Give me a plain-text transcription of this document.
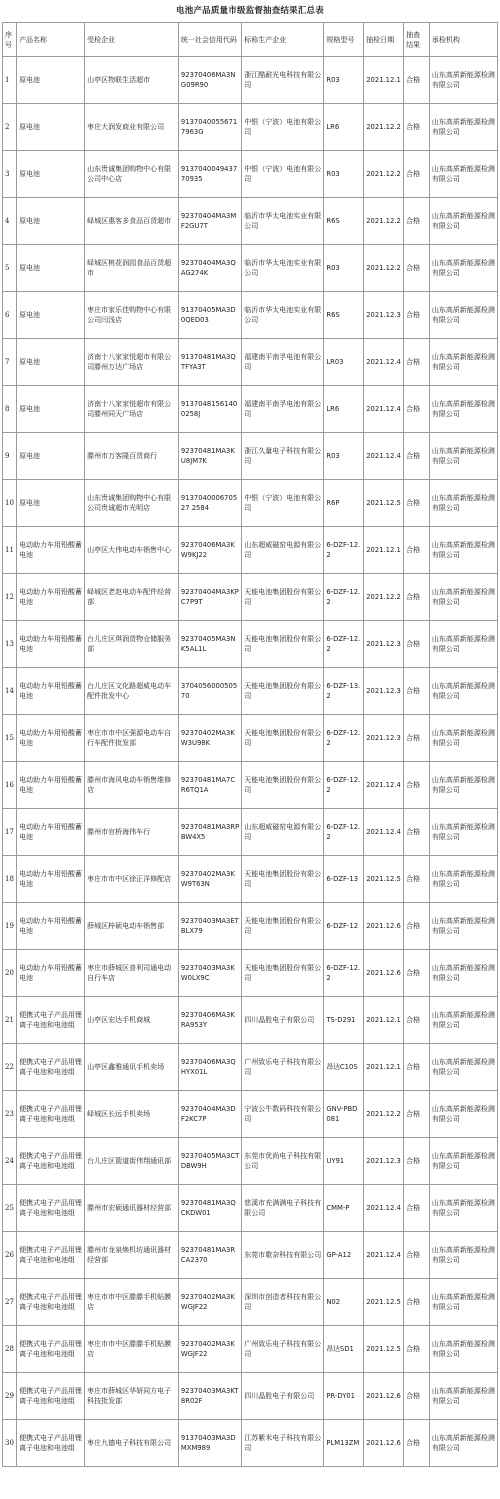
电池产品质量市级监督抽查结果汇总表
序号	产品名称	受检企业	统一社会信用代码	标称生产企业	规格型号	抽检日期	抽查结果	承检机构
1	原电池	山亭区物联生活超市	92370406MA3NG09R90	浙江酷耐光电科技有限公司	R03	2021.12.1	合格	山东高质新能源检测有限公司
2	原电池	枣庄大润发商业有限公司	91370400556717963G	中银（宁波）电池有限公司	LR6	2021.12.2	合格	山东高质新能源检测有限公司
3	原电池	山东贵诚集团购物中心有限公司中心店	913704004943770935	中银（宁波）电池有限公司	R03	2021.12.2	合格	山东高质新能源检测有限公司
4	原电池	峄城区惠客多食品百货超市	92370404MA3MF2GU7T	临沂市华太电池实业有限公司	R6S	2021.12.2	合格	山东高质新能源检测有限公司
5	原电池	峄城区桃花润园食品百货超市	92370404MA3QAG274K	临沂市华太电池实业有限公司	R03	2021.12.2	合格	山东高质新能源检测有限公司
6	原电池	枣庄市家乐佳购物中心有限公司闫浅店	91370405MA3D0QED03	临沂市华太电池实业有限公司	R6S	2021.12.3	合格	山东高质新能源检测有限公司
7	原电池	济南十八家家悦超市有限公司滕州万达广场店	91370481MA3QTFYA3T	福建南平南孚电池有限公司	LR03	2021.12.4	合格	山东高质新能源检测有限公司
8	原电池	济南十八家家悦超市有限公司滕州同天广场店	91370481561400258J	福建南平南孚电池有限公司	LR6	2021.12.4	合格	山东高质新能源检测有限公司
9	原电池	滕州市万客隆百货商行	92370481MA3KU8JM7K	浙江久量电子科技有限公司	R03	2021.12.4	合格	山东高质新能源检测有限公司
10	原电池	山东贵诚集团购物中心有限公司贵诚超市光明店	913704000670527 2584	中银（宁波）电池有限公司	R6P	2021.12.5	合格	山东高质新能源检测有限公司
11	电动助力车用铅酸蓄电池	山亭区大伟电动车销售中心	92370406MA3KW9KJ22	山东超威磁窑电源有限公司	6-DZF-12.2	2021.12.1	合格	山东高质新能源检测有限公司
12	电动助力车用铅酸蓄电池	峄城区老赵电动车配件经营部	92370404MA3KPC7P9T	天能电池集团股份有限公司	6-DZF-12.2	2021.12.2	合格	山东高质新能源检测有限公司
13	电动助力车用铅酸蓄电池	台儿庄区琪润货物仓储服务部	92370405MA3NK5AL1L	天能电池集团股份有限公司	6-DZF-12.2	2021.12.3	合格	山东高质新能源检测有限公司
14	电动助力车用铅酸蓄电池	台儿庄区文化路超威电动车配件批发中心	370405600050570	天能电池集团股份有限公司	6-DZF-13.2	2021.12.3	合格	山东高质新能源检测有限公司
15	电动助力车用铅酸蓄电池	枣庄市市中区强源电动车自行车配件批发部	92370402MA3KW3U98K	天能电池集团股份有限公司	6-DZF-12.2	2021.12.3	合格	山东高质新能源检测有限公司
16	电动助力车用铅酸蓄电池	滕州市海风电动车销售维修店	92370481MA7CR6TQ1A	天能电池集团股份有限公司	6-DZF-12.2	2021.12.4	合格	山东高质新能源检测有限公司
17	电动助力车用铅酸蓄电池	滕州市官桥海伟车行	92370481MA3RPBW4X5	山东超威磁窑电源有限公司	6-DZF-12.2	2021.12.4	合格	山东高质新能源检测有限公司
18	电动助力车用铅酸蓄电池	枣庄市市中区徐正洋修配店	92370402MA3KW9T63N	天能电池集团股份有限公司	6-DZF-13	2021.12.5	合格	山东高质新能源检测有限公司
19	电动助力车用铅酸蓄电池	薛城区梓硕电动车销售部	92370403MA3ETBLX79	天能电池集团股份有限公司	6-DZF-12	2021.12.6	合格	山东高质新能源检测有限公司
20	电动助力车用铅酸蓄电池	枣庄市薛城区普利司通电动自行车店	92370403MA3KW0LX9C	天能电池集团股份有限公司	6-DZF-12.2	2021.12.6	合格	山东高质新能源检测有限公司
21	便携式电子产品用锂离子电池和电池组	山亭区宏达手机商城	92370406MA3KRA953Y	四川晶胜电子有限公司	TS-D291	2021.12.1	合格	山东高质新能源检测有限公司
22	便携式电子产品用锂离子电池和电池组	山亭区鑫雅通讯手机卖场	92370406MA3QHYX01L	广州致乐电子科技有限公司	昂达C10S	2021.12.1	合格	山东高质新能源检测有限公司
23	便携式电子产品用锂离子电池和电池组	峄城区长远手机卖场	92370404MA3DF2KC7P	宁波公牛数码科技有限公司	GNV-PBD081	2021.12.2	合格	山东高质新能源检测有限公司
24	便携式电子产品用锂离子电池和电池组	台儿庄区箭道街伟翔通讯部	92370405MA3CTDBW9H	东莞市优尚电子科技有限公司	UY91	2021.12.3	合格	山东高质新能源检测有限公司
25	便携式电子产品用锂离子电池和电池组	滕州市宏硕通讯器材经营部	92370481MA3QCKDW01	慈溪市充满满电子科技有限公司	CMM-P	2021.12.4	合格	山东高质新能源检测有限公司
26	便携式电子产品用锂离子电池和电池组	滕州市龙泉焕机坊通讯器材经营部	92370481MA3RCA2370	东莞市歌奈科技有限公司	GP-A12	2021.12.4	合格	山东高质新能源检测有限公司
27	便携式电子产品用锂离子电池和电池组	枣庄市市中区滕滕手机贴膜店	92370402MA3KWGJF22	深圳市创造者科技有限公司	N02	2021.12.5	合格	山东高质新能源检测有限公司
28	便携式电子产品用锂离子电池和电池组	枣庄市市中区滕滕手机贴膜店	92370402MA3KWGJF22	广州致乐电子科技有限公司	昂达SD1	2021.12.5	合格	山东高质新能源检测有限公司
29	便携式电子产品用锂离子电池和电池组	枣庄市薛城区华妍同方电子科技批发部	92370403MA3KT8R02F	四川晶胜电子有限公司	PR-DY01	2021.12.6	合格	山东高质新能源检测有限公司
30	便携式电子产品用锂离子电池和电池组	枣庄九德电子科技有限公司	91370403MA3DMXM989	江苏紫米电子科技有限公司	PLM13ZM	2021.12.6	合格	山东高质新能源检测有限公司
